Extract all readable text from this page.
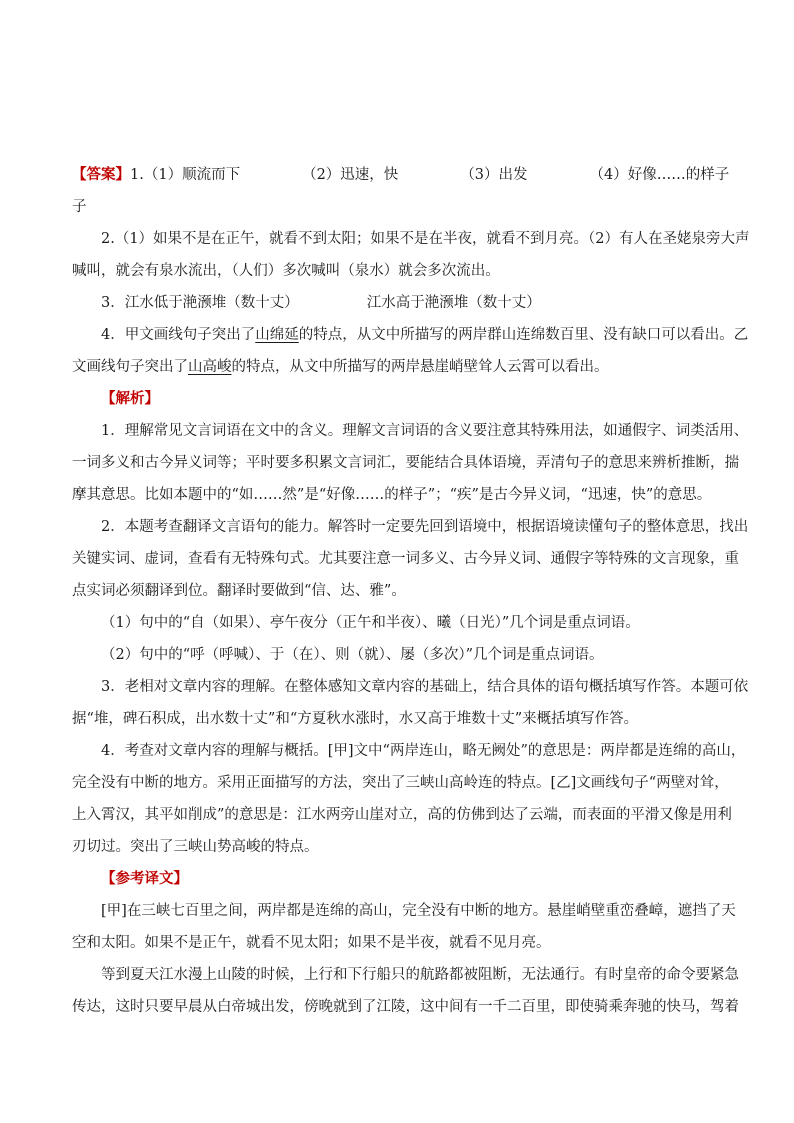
【答案】1.（1）顺流而下	（2）迅速，快	（3）出发	（4）好像……的样子
子
2.（1）如果不是在正午，就看不到太阳；如果不是在半夜，就看不到月亮。（2）有人在圣姥泉旁大声
喊叫，就会有泉水流出，（人们）多次喊叫（泉水）就会多次流出。
3．江水低于滟滪堆（数十丈）	江水高于滟滪堆（数十丈）
4．甲文画线句子突出了山绵延的特点，从文中所描写的两岸群山连绵数百里、没有缺口可以看出。乙
文画线句子突出了山高峻的特点，从文中所描写的两岸悬崖峭壁耸人云霄可以看出。
【解析】
1．理解常见文言词语在文中的含义。理解文言词语的含义要注意其特殊用法，如通假字、词类活用、
一词多义和古今异义词等；平时要多积累文言词汇，要能结合具体语境，弄清句子的意思来辨析推断，揣
摩其意思。比如本题中的“如……然”是“好像……的样子”；“疾”是古今异义词，“迅速，快”的意思。
2．本题考查翻译文言语句的能力。解答时一定要先回到语境中，根据语境读懂句子的整体意思，找出
关键实词、虚词，查看有无特殊句式。尤其要注意一词多义、古今异义词、通假字等特殊的文言现象，重
点实词必须翻译到位。翻译时要做到“信、达、雅”。
（1）句中的“自（如果）、亭午夜分（正午和半夜）、曦（日光）”几个词是重点词语。
（2）句中的“呼（呼喊）、于（在）、则（就）、屡（多次）”几个词是重点词语。
3．老相对文章内容的理解。在整体感知文章内容的基础上，结合具体的语句概括填写作答。本题可依
据“堆，碑石积成，出水数十丈”和“方夏秋水涨时，水又高于堆数十丈”来概括填写作答。
4．考查对文章内容的理解与概括。[甲]文中“两岸连山，略无阙处”的意思是：两岸都是连绵的高山，
完全没有中断的地方。采用正面描写的方法，突出了三峡山高岭连的特点。[乙]文画线句子“两壁对耸，
上入霄汉，其平如削成”的意思是：江水两旁山崖对立，高的仿佛到达了云端，而表面的平滑又像是用利
刃切过。突出了三峡山势高峻的特点。
【参考译文】
[甲]在三峡七百里之间，两岸都是连绵的高山，完全没有中断的地方。悬崖峭壁重峦叠嶂，遮挡了天
空和太阳。如果不是正午，就看不见太阳；如果不是半夜，就看不见月亮。
等到夏天江水漫上山陵的时候，上行和下行船只的航路都被阻断，无法通行。有时皇帝的命令要紧急
传达，这时只要早晨从白帝城出发，傍晚就到了江陵，这中间有一千二百里，即使骑乘奔驰的快马，驾着
